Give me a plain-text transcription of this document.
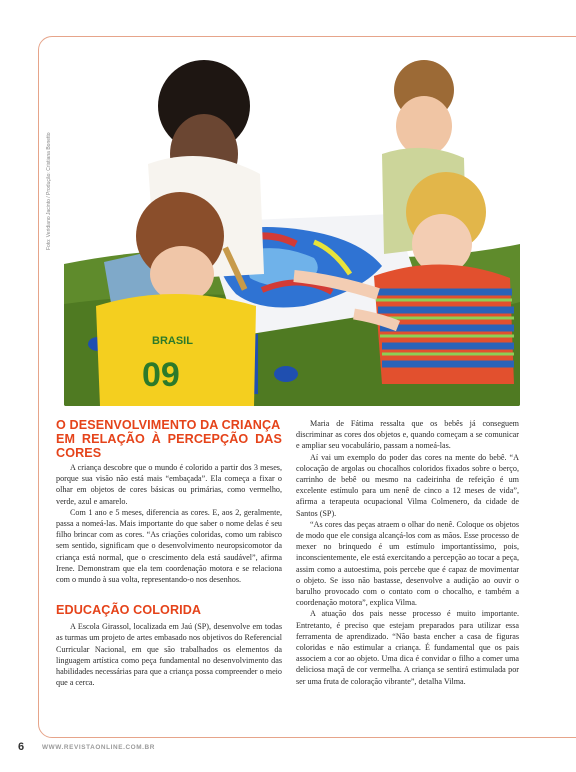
Foto: Veridiano Jacinto / Produção: Cristiana Bonetto
BRASIL
09
O DESENVOLVIMENTO DA CRIANÇA
EM RELAÇÃO À PERCEPÇÃO DAS CORES

A criança descobre que o mundo é colorido a partir dos 3 meses, porque sua visão não está mais “embaçada”. Ela começa a fixar o olhar em objetos de cores básicas ou primárias, como vermelho, verde, azul e amarelo.

Com 1 ano e 5 meses, diferencia as cores. E, aos 2, geralmente, passa a nomeá-las. Mais importante do que saber o nome delas é seu filho brincar com as cores. “As criações coloridas, como um rabisco sem sentido, significam que o desenvolvimento neuropsicomotor da criança está normal, que o crescimento dela está saudável”, afirma Irene. Demonstram que ela tem coordenação motora e se relaciona com o mundo à sua volta, representando-o nos desenhos.

EDUCAÇÃO COLORIDA

A Escola Girassol, localizada em Jaú (SP), desenvolve em todas as turmas um projeto de artes embasado nos objetivos do Referencial Curricular Nacional, em que são trabalhados os elementos da linguagem artística como peça fundamental no desenvolvimento das habilidades necessárias para que a criança possa compreender o meio que a cerca.

Maria de Fátima ressalta que os bebês já conseguem discriminar as cores dos objetos e, quando começam a se comunicar e ampliar seu vocabulário, passam a nomeá-las.

Aí vai um exemplo do poder das cores na mente do bebê. “A colocação de argolas ou chocalhos coloridos fixados sobre o berço, carrinho de bebê ou mesmo na cadeirinha de refeição é um excelente estímulo para um nenê de cinco a 12 meses de vida”, afirma a terapeuta ocupacional Vilma Colmenero, da cidade de Santos (SP).

“As cores das peças atraem o olhar do nenê. Coloque os objetos de modo que ele consiga alcançá-los com as mãos. Esse processo de mexer no brinquedo é um estímulo importantíssimo, pois, inconscientemente, ele está exercitando a percepção ao tocar a peça, assim como a autoestima, pois percebe que é capaz de movimentar o objeto. Se isso não bastasse, desenvolve a audição ao ouvir o barulho provocado com o contato com o chocalho, e também a coordenação motora”, explica Vilma.

A atuação dos pais nesse processo é muito importante. Entretanto, é preciso que estejam preparados para utilizar essa ferramenta de aprendizado. “Não basta encher a casa de figuras coloridas e não estimular a criança. É fundamental que os pais associem a cor ao objeto. Uma dica é convidar o filho a comer uma deliciosa maçã de cor vermelha. A criança se sentirá estimulada por ser uma fruta de coloração vibrante”, detalha Vilma.

6	WWW.REVISTAONLINE.COM.BR
